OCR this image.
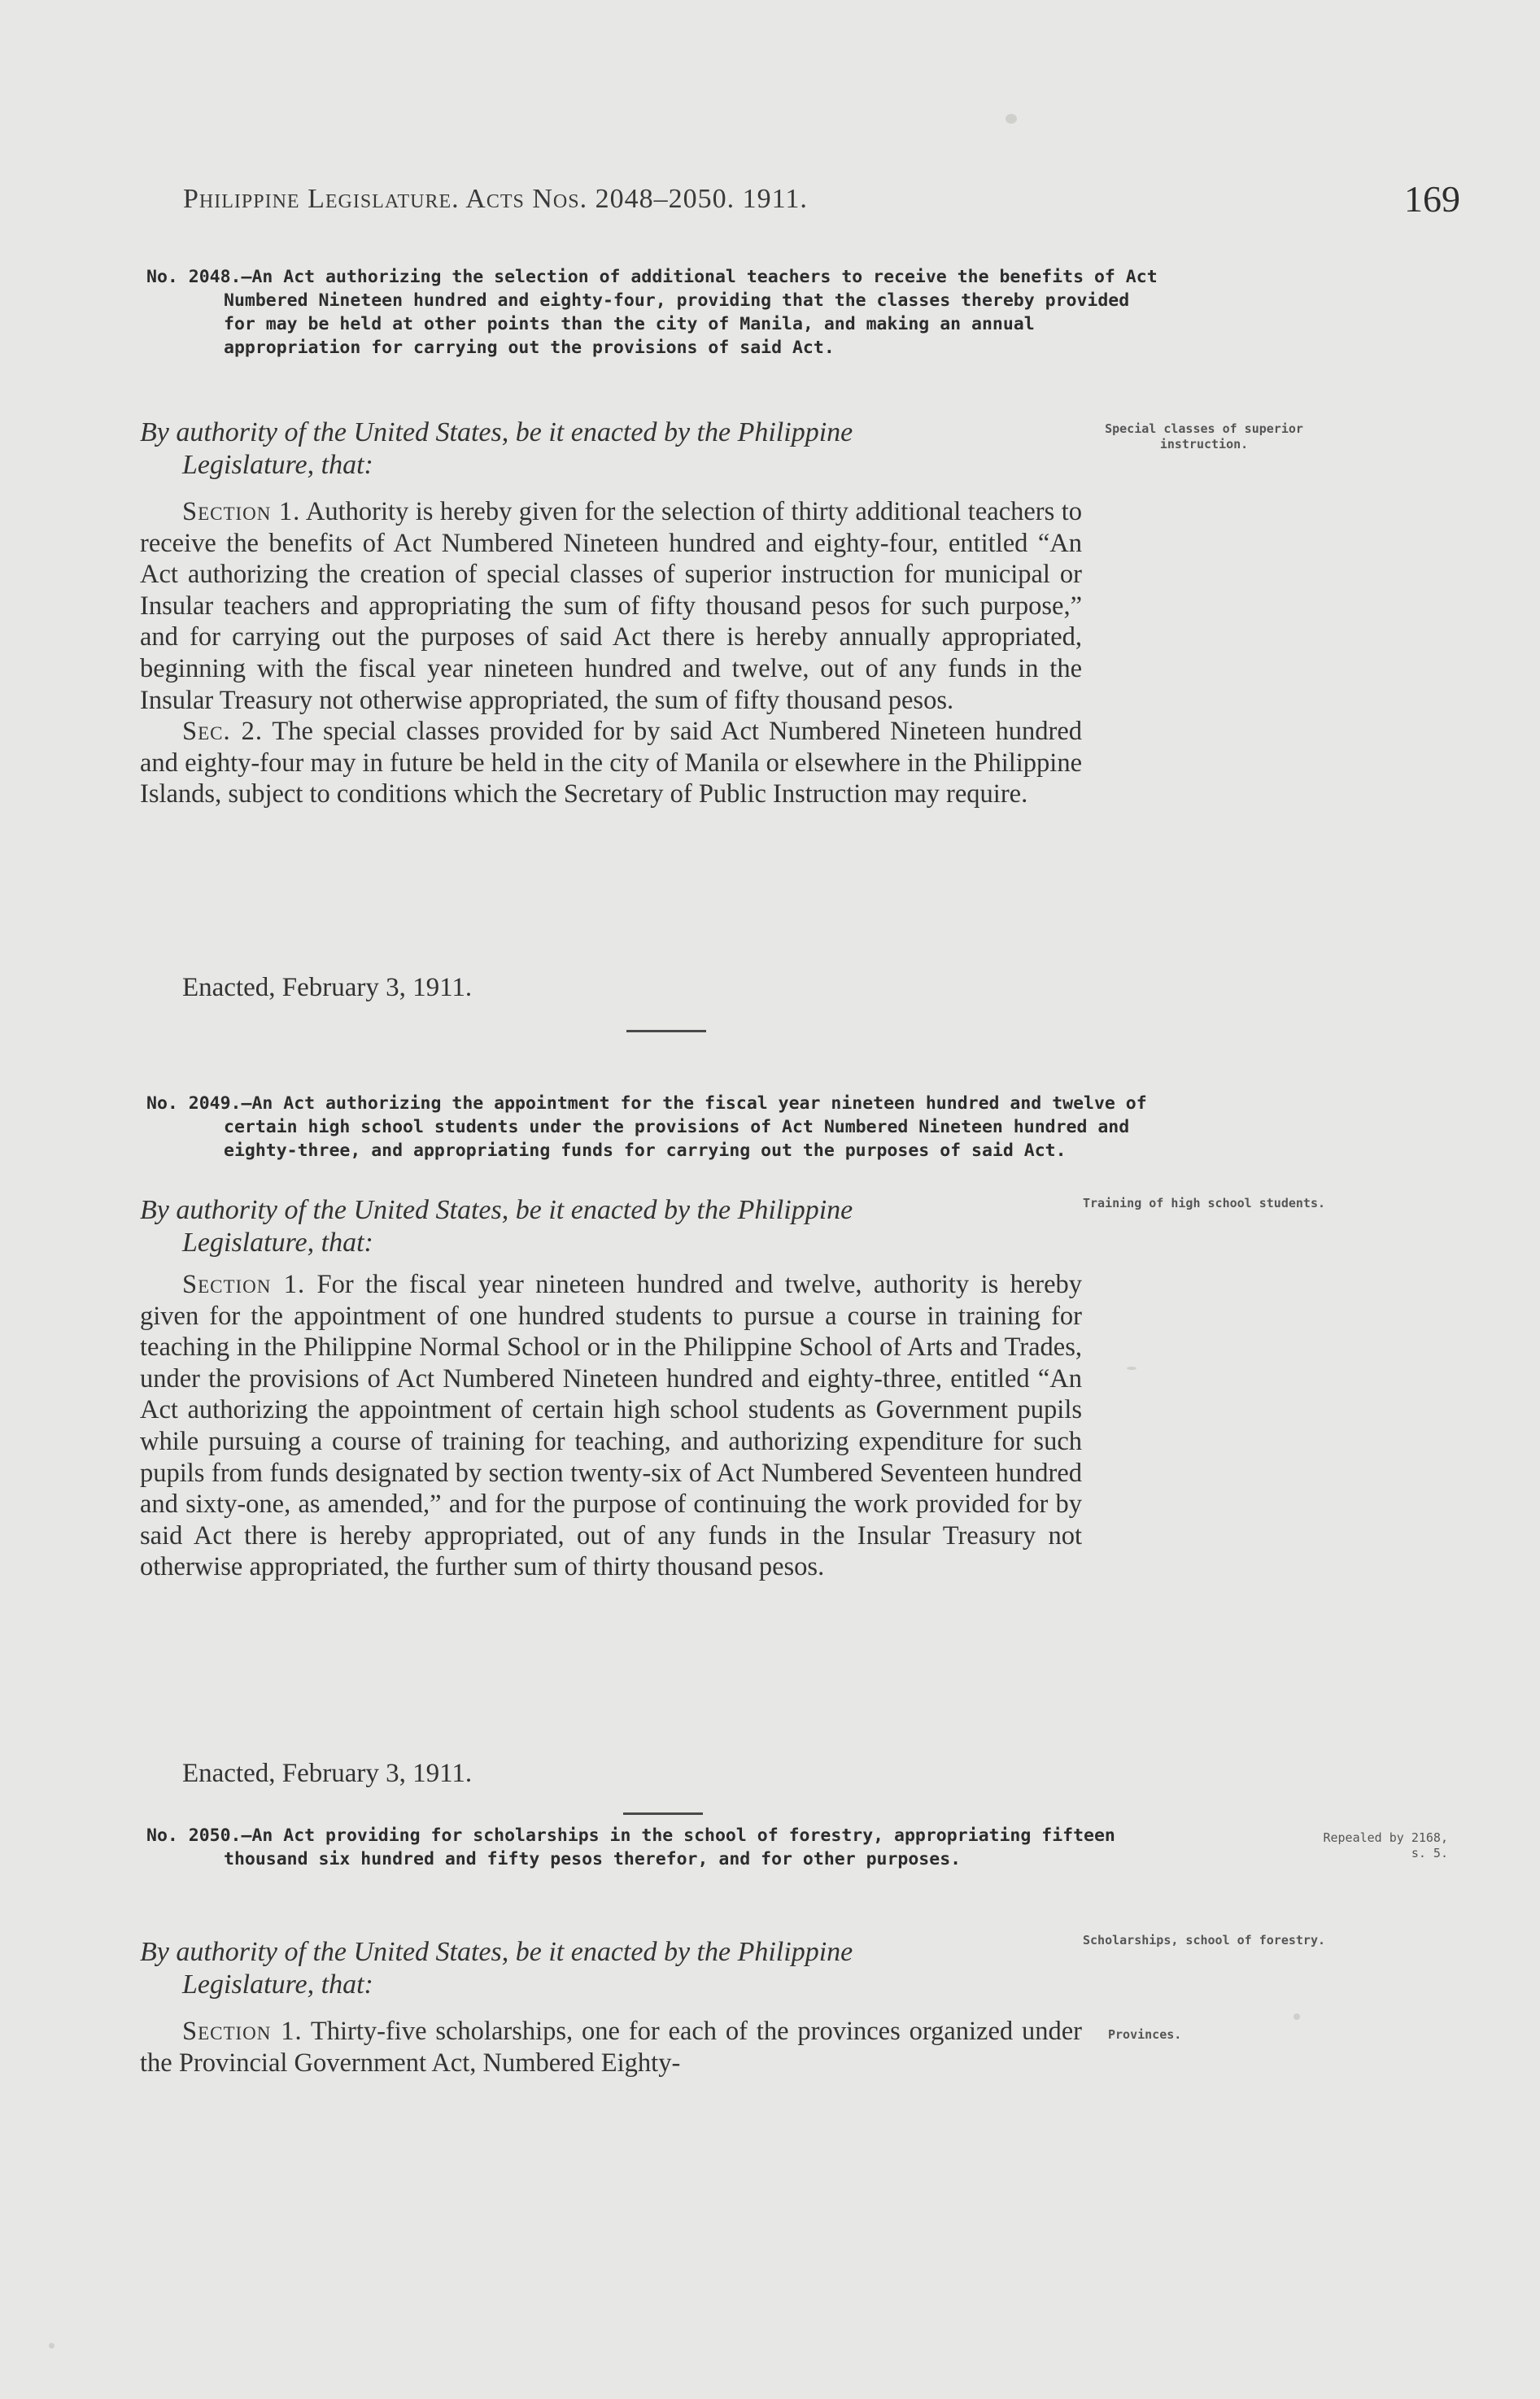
Philippine Legislature. Acts Nos. 2048–2050. 1911.	169
No. 2048.—An Act authorizing the selection of additional teachers to receive the benefits of Act Numbered Nineteen hundred and eighty-four, providing that the classes thereby provided for may be held at other points than the city of Manila, and making an annual appropriation for carrying out the provisions of said Act.
By authority of the United States, be it enacted by the Philippine
Legislature, that:
Special classes of superior instruction.

Section 1. Authority is hereby given for the selection of thirty additional teachers to receive the benefits of Act Numbered Nineteen hundred and eighty-four, entitled “An Act authorizing the creation of special classes of superior instruction for municipal or Insular teachers and appropriating the sum of fifty thousand pesos for such purpose,” and for carrying out the purposes of said Act there is hereby annually appropriated, beginning with the fiscal year nineteen hundred and twelve, out of any funds in the Insular Treasury not otherwise appropriated, the sum of fifty thousand pesos.

Sec. 2. The special classes provided for by said Act Numbered Nineteen hundred and eighty-four may in future be held in the city of Manila or elsewhere in the Philippine Islands, subject to conditions which the Secretary of Public Instruction may require.

Enacted, February 3, 1911.
No. 2049.—An Act authorizing the appointment for the fiscal year nineteen hundred and twelve of certain high school students under the provisions of Act Numbered Nineteen hundred and eighty-three, and appropriating funds for carrying out the purposes of said Act.
By authority of the United States, be it enacted by the Philippine
Legislature, that:
Training of high school students.

Section 1. For the fiscal year nineteen hundred and twelve, authority is hereby given for the appointment of one hundred students to pursue a course in training for teaching in the Philippine Normal School or in the Philippine School of Arts and Trades, under the provisions of Act Numbered Nineteen hundred and eighty-three, entitled “An Act authorizing the appointment of certain high school students as Government pupils while pursuing a course of training for teaching, and authorizing expenditure for such pupils from funds designated by section twenty-six of Act Numbered Seventeen hundred and sixty-one, as amended,” and for the purpose of continuing the work provided for by said Act there is hereby appropriated, out of any funds in the Insular Treasury not otherwise appropriated, the further sum of thirty thousand pesos.

Enacted, February 3, 1911.
No. 2050.—An Act providing for scholarships in the school of forestry, appropriating fifteen thousand six hundred and fifty pesos therefor, and for other purposes.
Repealed by 2168, s. 5.
By authority of the United States, be it enacted by the Philippine
Legislature, that:
Scholarships, school of forestry.

Section 1. Thirty-five scholarships, one for each of the provinces organized under the Provincial Government Act, Numbered Eighty-

Provinces.
